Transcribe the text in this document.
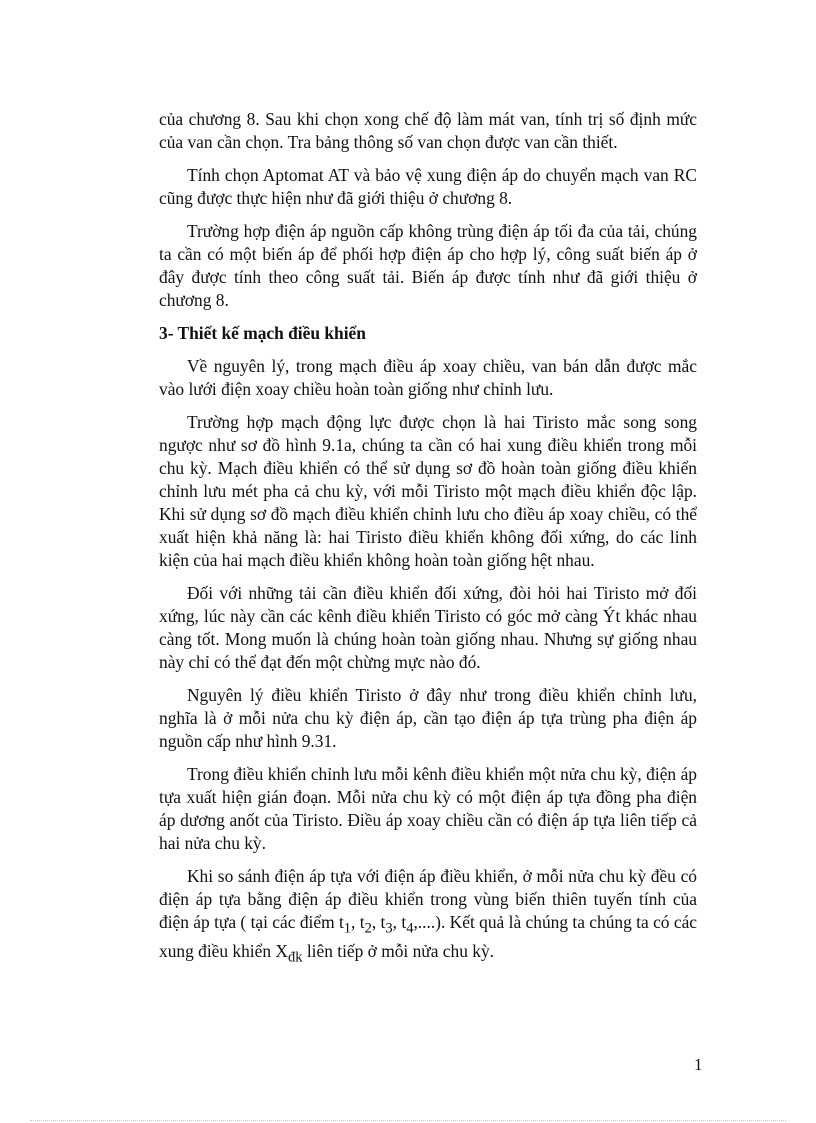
của chương 8. Sau khi chọn xong chế độ làm mát van, tính trị số định mức của van cần chọn. Tra bảng thông số van chọn được van cần thiết.

Tính chọn Aptomat AT và bảo vệ xung điện áp do chuyển mạch van RC cũng được thực hiện như đã giới thiệu ở chương 8.

Trường hợp điện áp nguồn cấp không trùng điện áp tối đa của tải, chúng ta cần có một biến áp để phối hợp điện áp cho hợp lý, công suất biến áp ở đây được tính theo công suất tải. Biến áp được tính như đã giới thiệu ở chương 8.

3- Thiết kế mạch điều khiển

Về nguyên lý, trong mạch điều áp xoay chiều, van bán dẫn được mắc vào lưới điện xoay chiều hoàn toàn giống như chỉnh lưu.

Trường hợp mạch động lực được chọn là hai Tiristo mắc song song ngược như sơ đồ hình 9.1a, chúng ta cần có hai xung điều khiển trong mỗi chu kỳ. Mạch điều khiển có thể sử dụng sơ đồ hoàn toàn giống điều khiển chỉnh lưu mét pha cả chu kỳ, với mỗi Tiristo một mạch điều khiển độc lập. Khi sử dụng sơ đồ mạch điều khiển chỉnh lưu cho điều áp xoay chiều, có thể xuất hiện khả năng là: hai Tiristo điều khiển không đối xứng, do các linh kiện của hai mạch điều khiển không hoàn toàn giống hệt nhau.

Đối với những tải cần điều khiển đối xứng, đòi hỏi hai Tiristo mở đối xứng, lúc này cần các kênh điều khiển Tiristo có góc mở càng Ýt khác nhau càng tốt. Mong muốn là chúng hoàn toàn giống nhau. Nhưng sự giống nhau này chỉ có thể đạt đến một chừng mực nào đó.

Nguyên lý điều khiển Tiristo ở đây như trong điều khiển chỉnh lưu, nghĩa là ở mỗi nửa chu kỳ điện áp, cần tạo điện áp tựa trùng pha điện áp nguồn cấp như hình 9.31.

Trong điều khiển chỉnh lưu mỗi kênh điều khiển một nửa chu kỳ, điện áp tựa xuất hiện gián đoạn. Mỗi nửa chu kỳ có một điện áp tựa đồng pha điện áp dương anốt của Tiristo. Điều áp xoay chiều cần có điện áp tựa liên tiếp cả hai nửa chu kỳ.

Khi so sánh điện áp tựa với điện áp điều khiển, ở mỗi nửa chu kỳ đều có điện áp tựa bằng điện áp điều khiển trong vùng biến thiên tuyến tính của điện áp tựa ( tại các điểm $t_1$, $t_2$, $t_3$, $t_4$,....). Kết quả là chúng ta chúng ta có các xung điều khiển $X_{đk}$ liên tiếp ở mỗi nửa chu kỳ.

1
